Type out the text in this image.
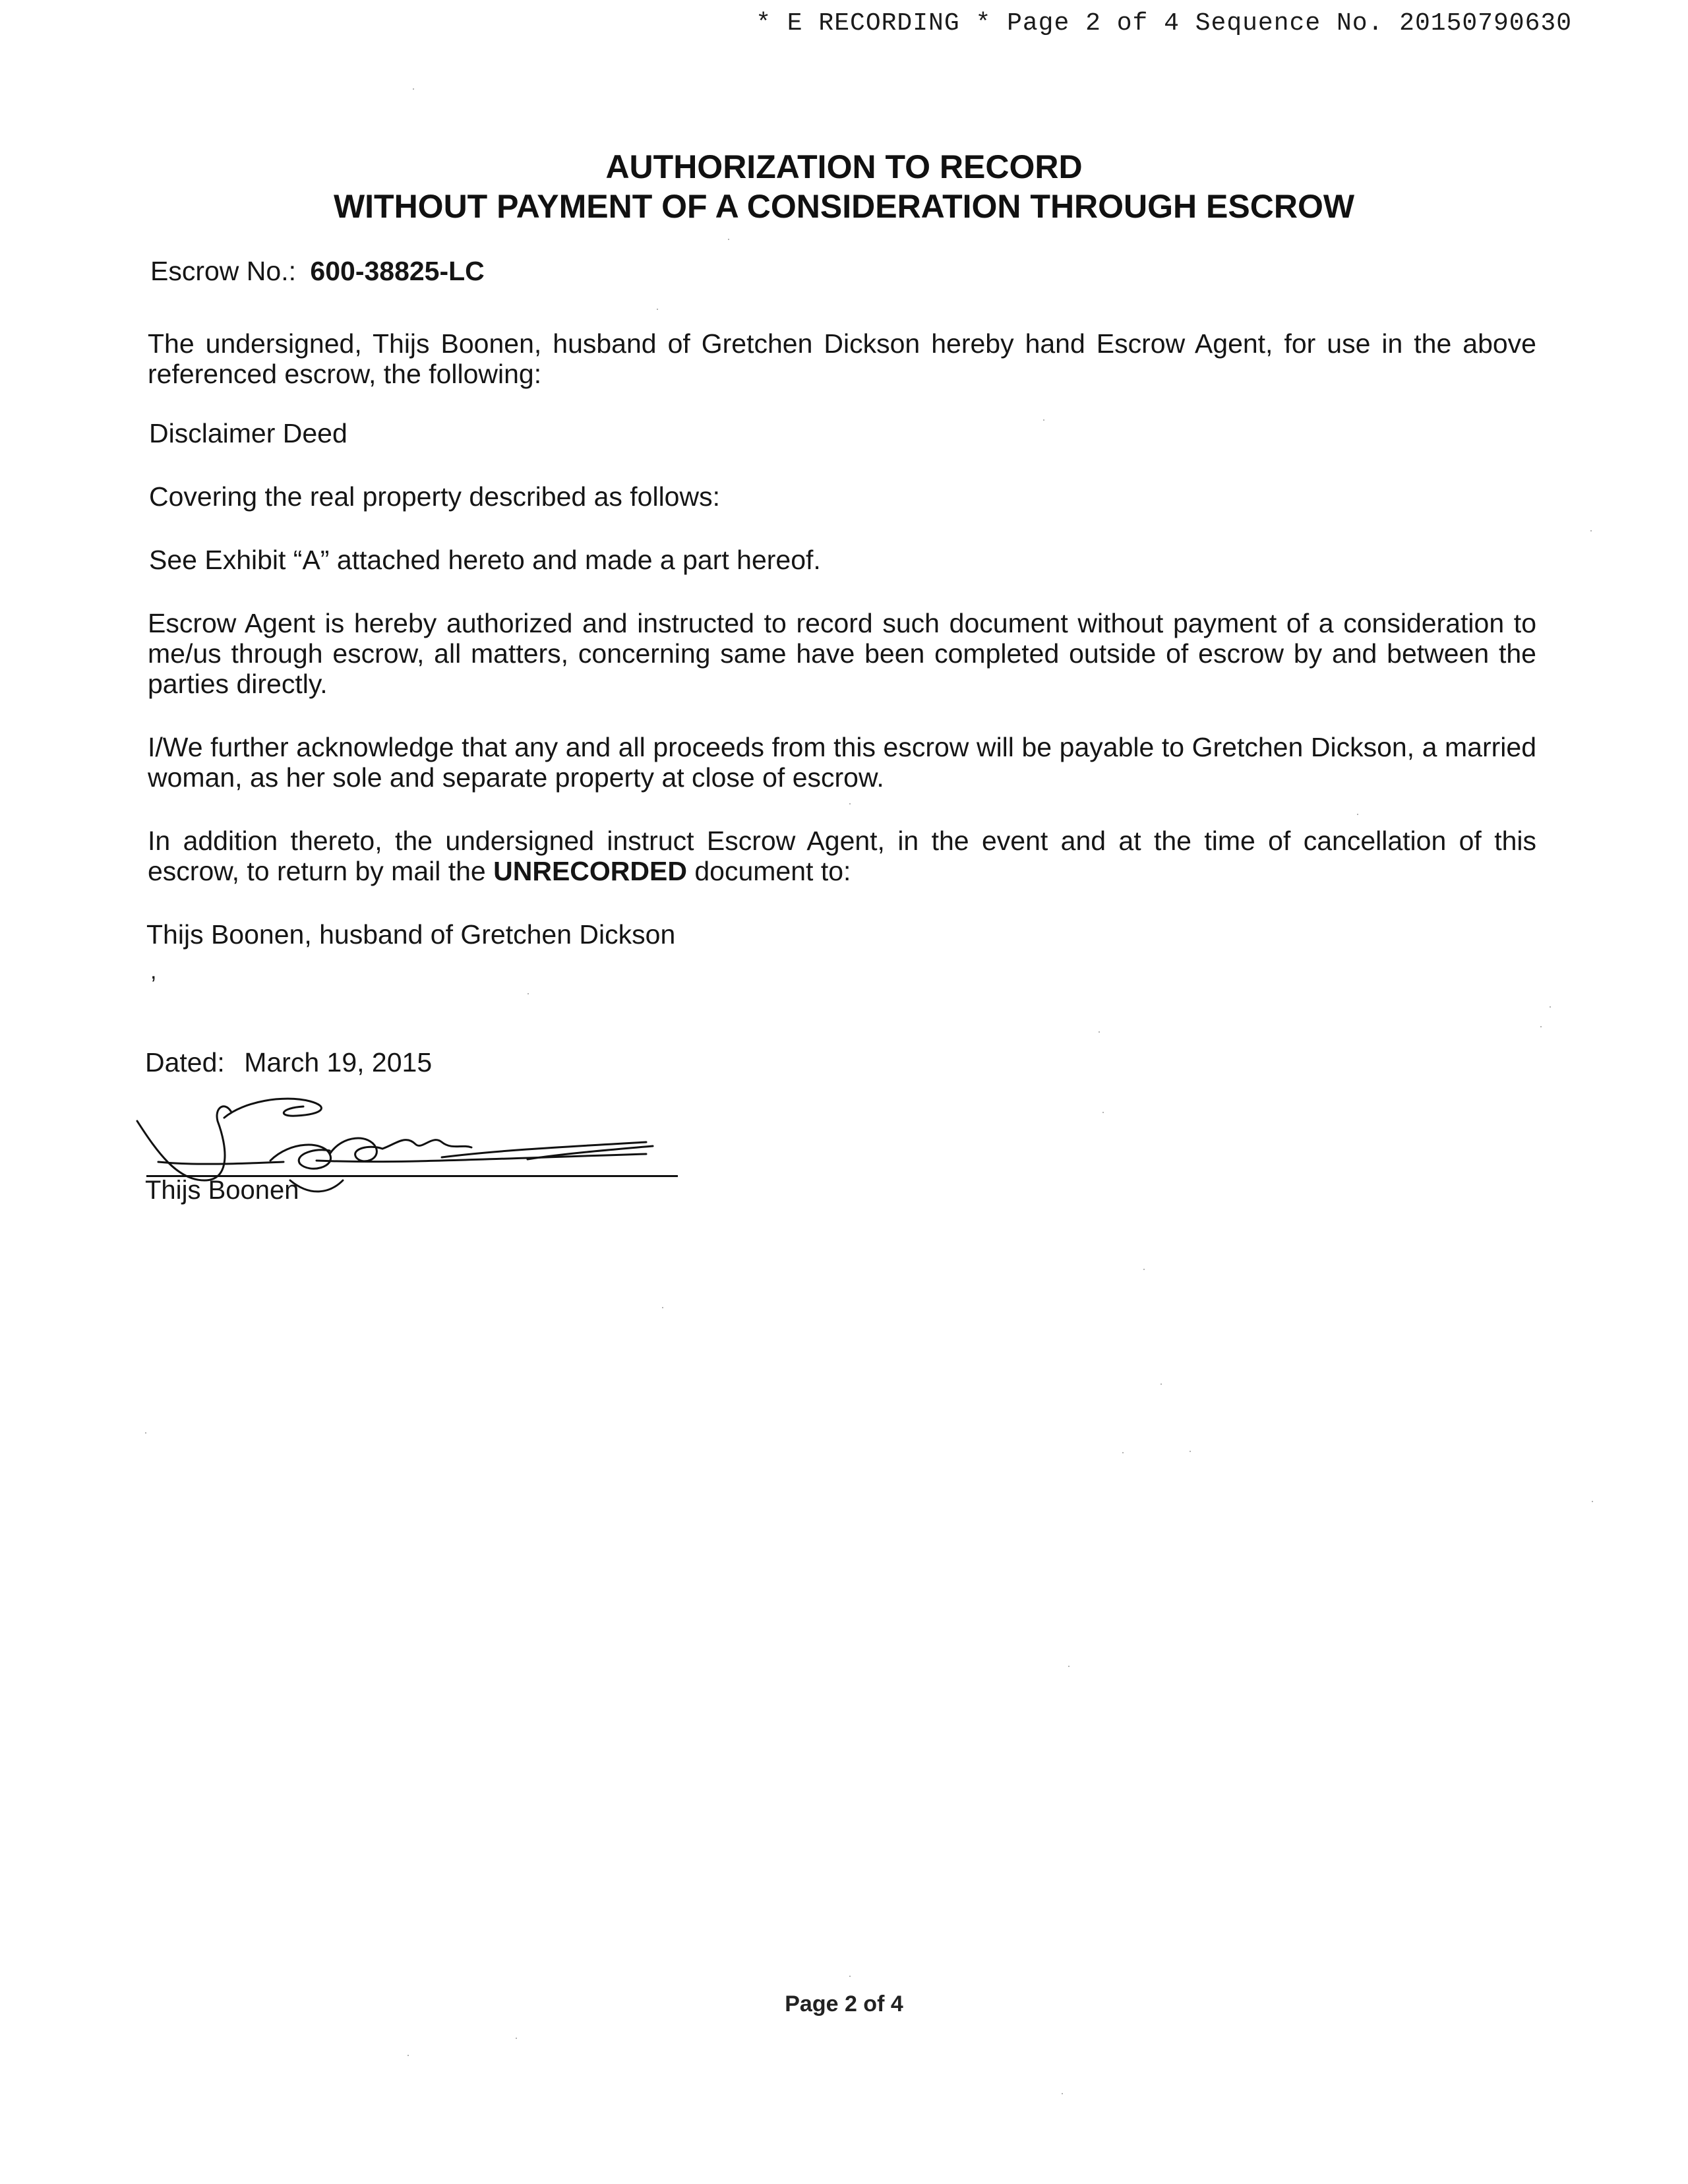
* E RECORDING * Page 2 of 4 Sequence No. 20150790630
AUTHORIZATION TO RECORD
WITHOUT PAYMENT OF A CONSIDERATION THROUGH ESCROW
Escrow No.: 600-38825-LC
The undersigned, Thijs Boonen, husband of Gretchen Dickson hereby hand Escrow Agent, for use in the above referenced escrow, the following:
Disclaimer Deed
Covering the real property described as follows:
See Exhibit “A” attached hereto and made a part hereof.
Escrow Agent is hereby authorized and instructed to record such document without payment of a consideration to me/us through escrow, all matters, concerning same have been completed outside of escrow by and between the parties directly.
I/We further acknowledge that any and all proceeds from this escrow will be payable to Gretchen Dickson, a married woman, as her sole and separate property at close of escrow.
In addition thereto, the undersigned instruct Escrow Agent, in the event and at the time of cancellation of this escrow, to return by mail the UNRECORDED document to:
Thijs Boonen, husband of Gretchen Dickson
,
Dated: March 19, 2015
Thijs Boonen
Page 2 of 4
